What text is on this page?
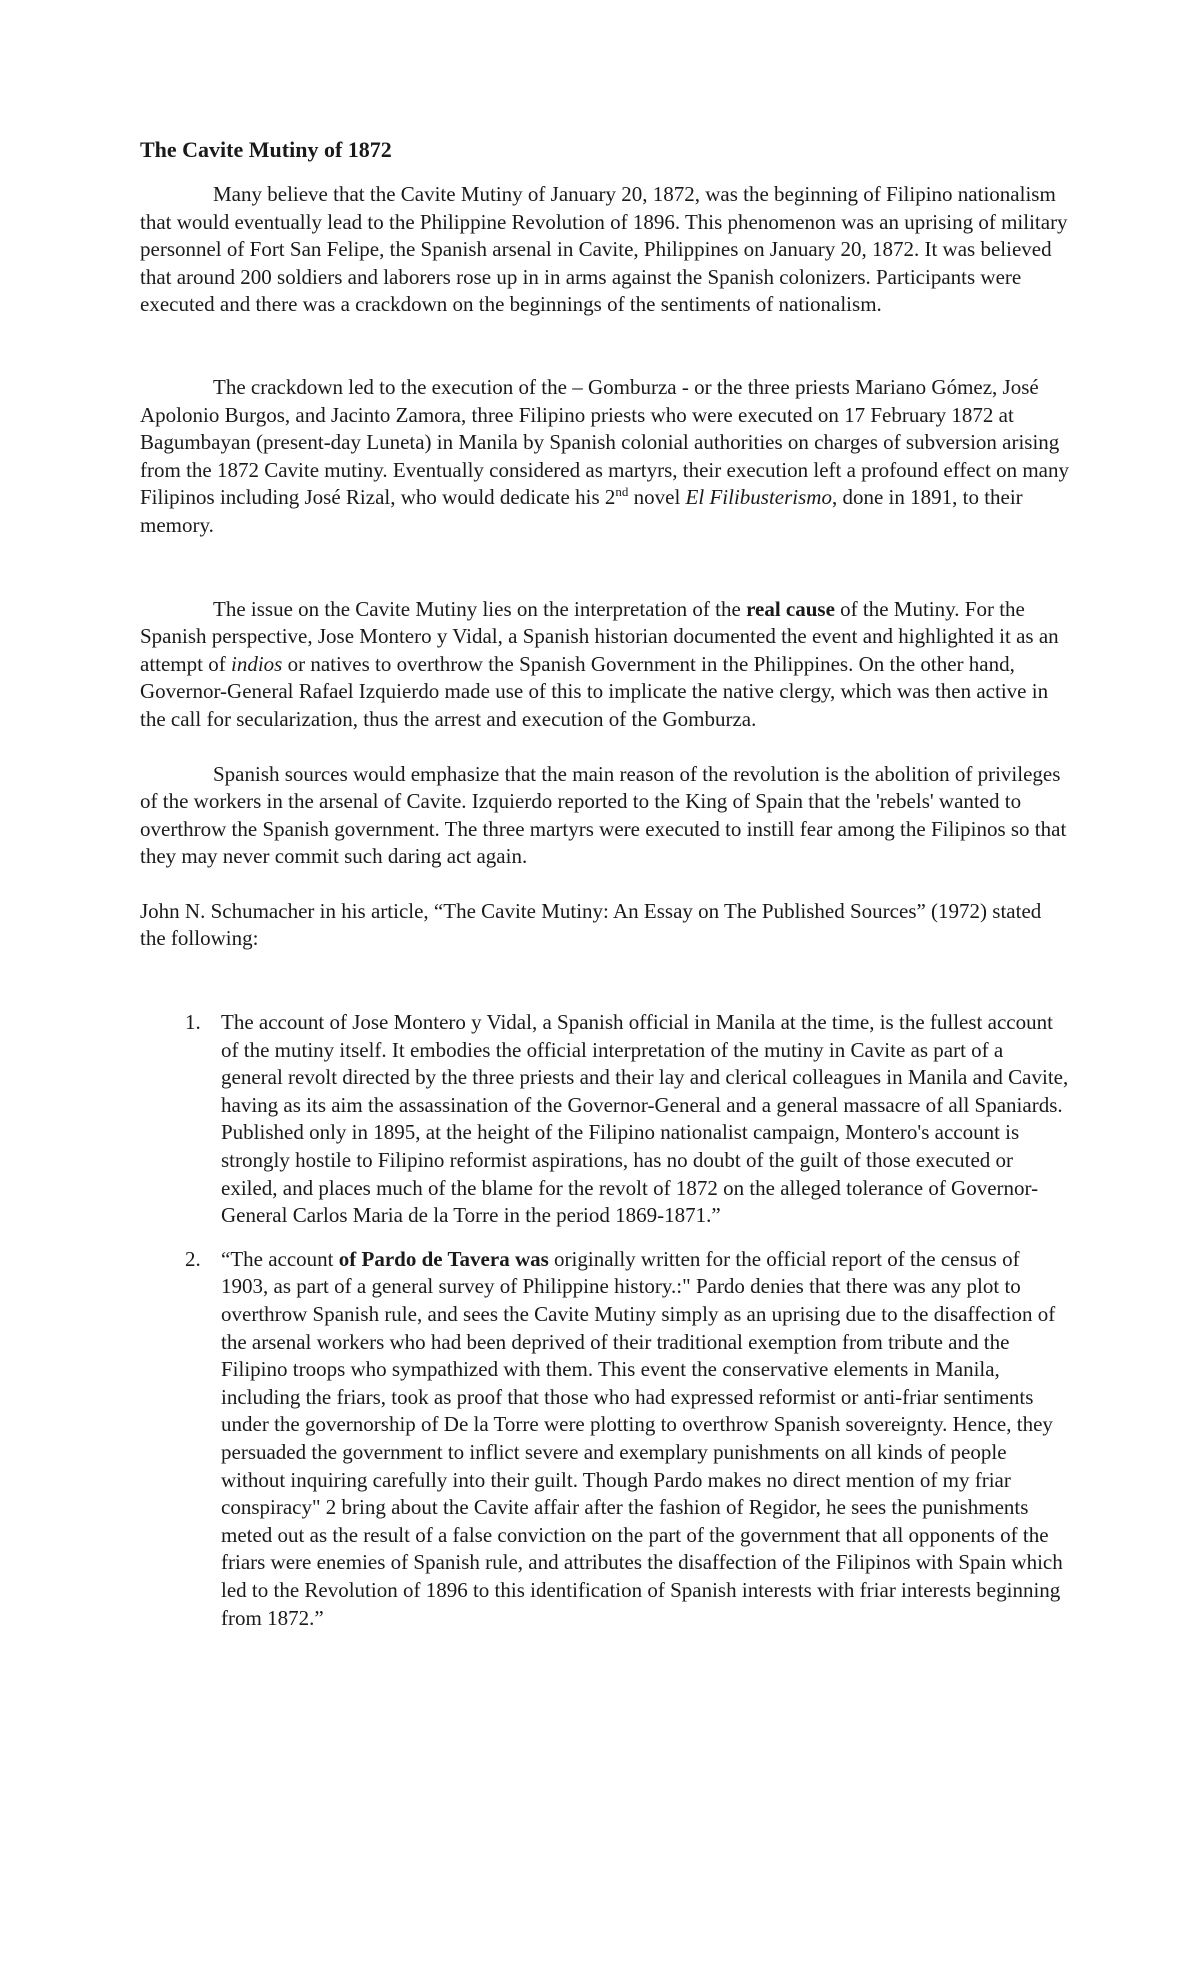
The Cavite Mutiny of 1872

Many believe that the Cavite Mutiny of January 20, 1872, was the beginning of Filipino nationalism that would eventually lead to the Philippine Revolution of 1896. This phenomenon was an uprising of military personnel of Fort San Felipe, the Spanish arsenal in Cavite, Philippines on January 20, 1872. It was believed that around 200 soldiers and laborers rose up in in arms against the Spanish colonizers. Participants were executed and there was a crackdown on the beginnings of the sentiments of nationalism.

The crackdown led to the execution of the – Gomburza - or the three priests Mariano Gómez, José Apolonio Burgos, and Jacinto Zamora, three Filipino priests who were executed on 17 February 1872 at Bagumbayan (present-day Luneta) in Manila by Spanish colonial authorities on charges of subversion arising from the 1872 Cavite mutiny. Eventually considered as martyrs, their execution left a profound effect on many Filipinos including José Rizal, who would dedicate his 2nd novel El Filibusterismo, done in 1891, to their memory.

The issue on the Cavite Mutiny lies on the interpretation of the real cause of the Mutiny. For the Spanish perspective, Jose Montero y Vidal, a Spanish historian documented the event and highlighted it as an attempt of indios or natives to overthrow the Spanish Government in the Philippines. On the other hand, Governor-General Rafael Izquierdo made use of this to implicate the native clergy, which was then active in the call for secularization, thus the arrest and execution of the Gomburza.

Spanish sources would emphasize that the main reason of the revolution is the abolition of privileges of the workers in the arsenal of Cavite. Izquierdo reported to the King of Spain that the 'rebels' wanted to overthrow the Spanish government. The three martyrs were executed to instill fear among the Filipinos so that they may never commit such daring act again.

John N. Schumacher in his article, “The Cavite Mutiny: An Essay on The Published Sources” (1972) stated the following:

1. The account of Jose Montero y Vidal, a Spanish official in Manila at the time, is the fullest account of the mutiny itself. It embodies the official interpretation of the mutiny in Cavite as part of a general revolt directed by the three priests and their lay and clerical colleagues in Manila and Cavite, having as its aim the assassination of the Governor-General and a general massacre of all Spaniards. Published only in 1895, at the height of the Filipino nationalist campaign, Montero's account is strongly hostile to Filipino reformist aspirations, has no doubt of the guilt of those executed or exiled, and places much of the blame for the revolt of 1872 on the alleged tolerance of Governor- General Carlos Maria de la Torre in the period 1869-1871.”
2. “The account of Pardo de Tavera was originally written for the official report of the census of 1903, as part of a general survey of Philippine history.:" Pardo denies that there was any plot to overthrow Spanish rule, and sees the Cavite Mutiny simply as an uprising due to the disaffection of the arsenal workers who had been deprived of their traditional exemption from tribute and the Filipino troops who sympathized with them. This event the conservative elements in Manila, including the friars, took as proof that those who had expressed reformist or anti-friar sentiments under the governorship of De la Torre were plotting to overthrow Spanish sovereignty. Hence, they persuaded the government to inflict severe and exemplary punishments on all kinds of people without inquiring carefully into their guilt. Though Pardo makes no direct mention of my friar conspiracy" 2 bring about the Cavite affair after the fashion of Regidor, he sees the punishments meted out as the result of a false conviction on the part of the government that all opponents of the friars were enemies of Spanish rule, and attributes the disaffection of the Filipinos with Spain which led to the Revolution of 1896 to this identification of Spanish interests with friar interests beginning from 1872.”
